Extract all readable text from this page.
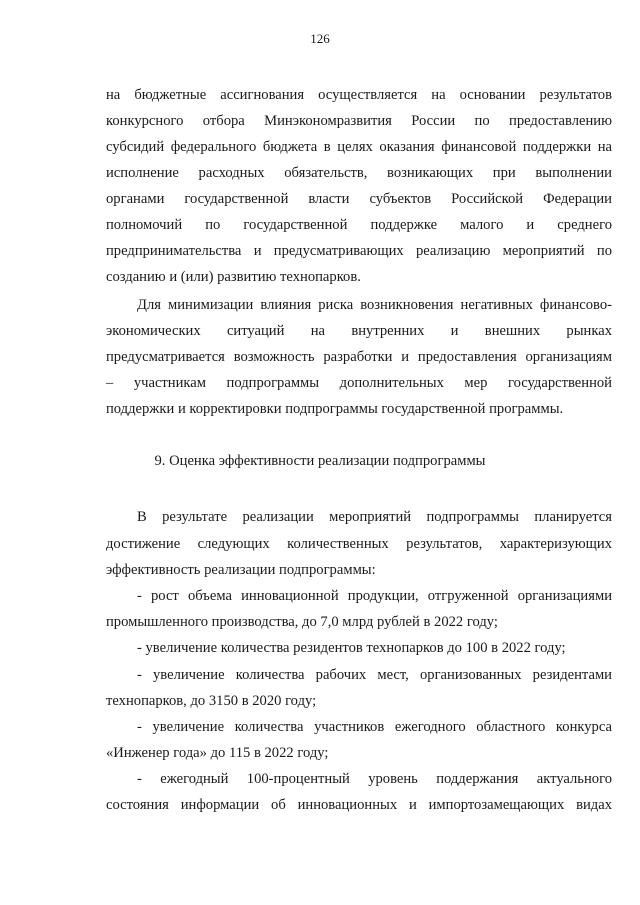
126
на бюджетные ассигнования осуществляется на основании результатов
конкурсного отбора Минэкономразвития России по предоставлению
субсидий федерального бюджета в целях оказания финансовой поддержки на
исполнение расходных обязательств, возникающих при выполнении
органами государственной власти субъектов Российской Федерации
полномочий по государственной поддержке малого и среднего
предпринимательства и предусматривающих реализацию мероприятий по
созданию и (или) развитию технопарков.
Для минимизации влияния риска возникновения негативных финансово-
экономических ситуаций на внутренних и внешних рынках
предусматривается возможность разработки и предоставления организациям
– участникам подпрограммы дополнительных мер государственной
поддержки и корректировки подпрограммы государственной программы.
9. Оценка эффективности реализации подпрограммы
В результате реализации мероприятий подпрограммы планируется
достижение следующих количественных результатов, характеризующих
эффективность реализации подпрограммы:
- рост объема инновационной продукции, отгруженной организациями
промышленного производства, до 7,0 млрд рублей в 2022 году;
- увеличение количества резидентов технопарков до 100 в 2022 году;
- увеличение количества рабочих мест, организованных резидентами
технопарков, до 3150 в 2020 году;
- увеличение количества участников ежегодного областного конкурса
«Инженер года» до 115 в 2022 году;
- ежегодный 100-процентный уровень поддержания актуального
состояния информации об инновационных и импортозамещающих видах
